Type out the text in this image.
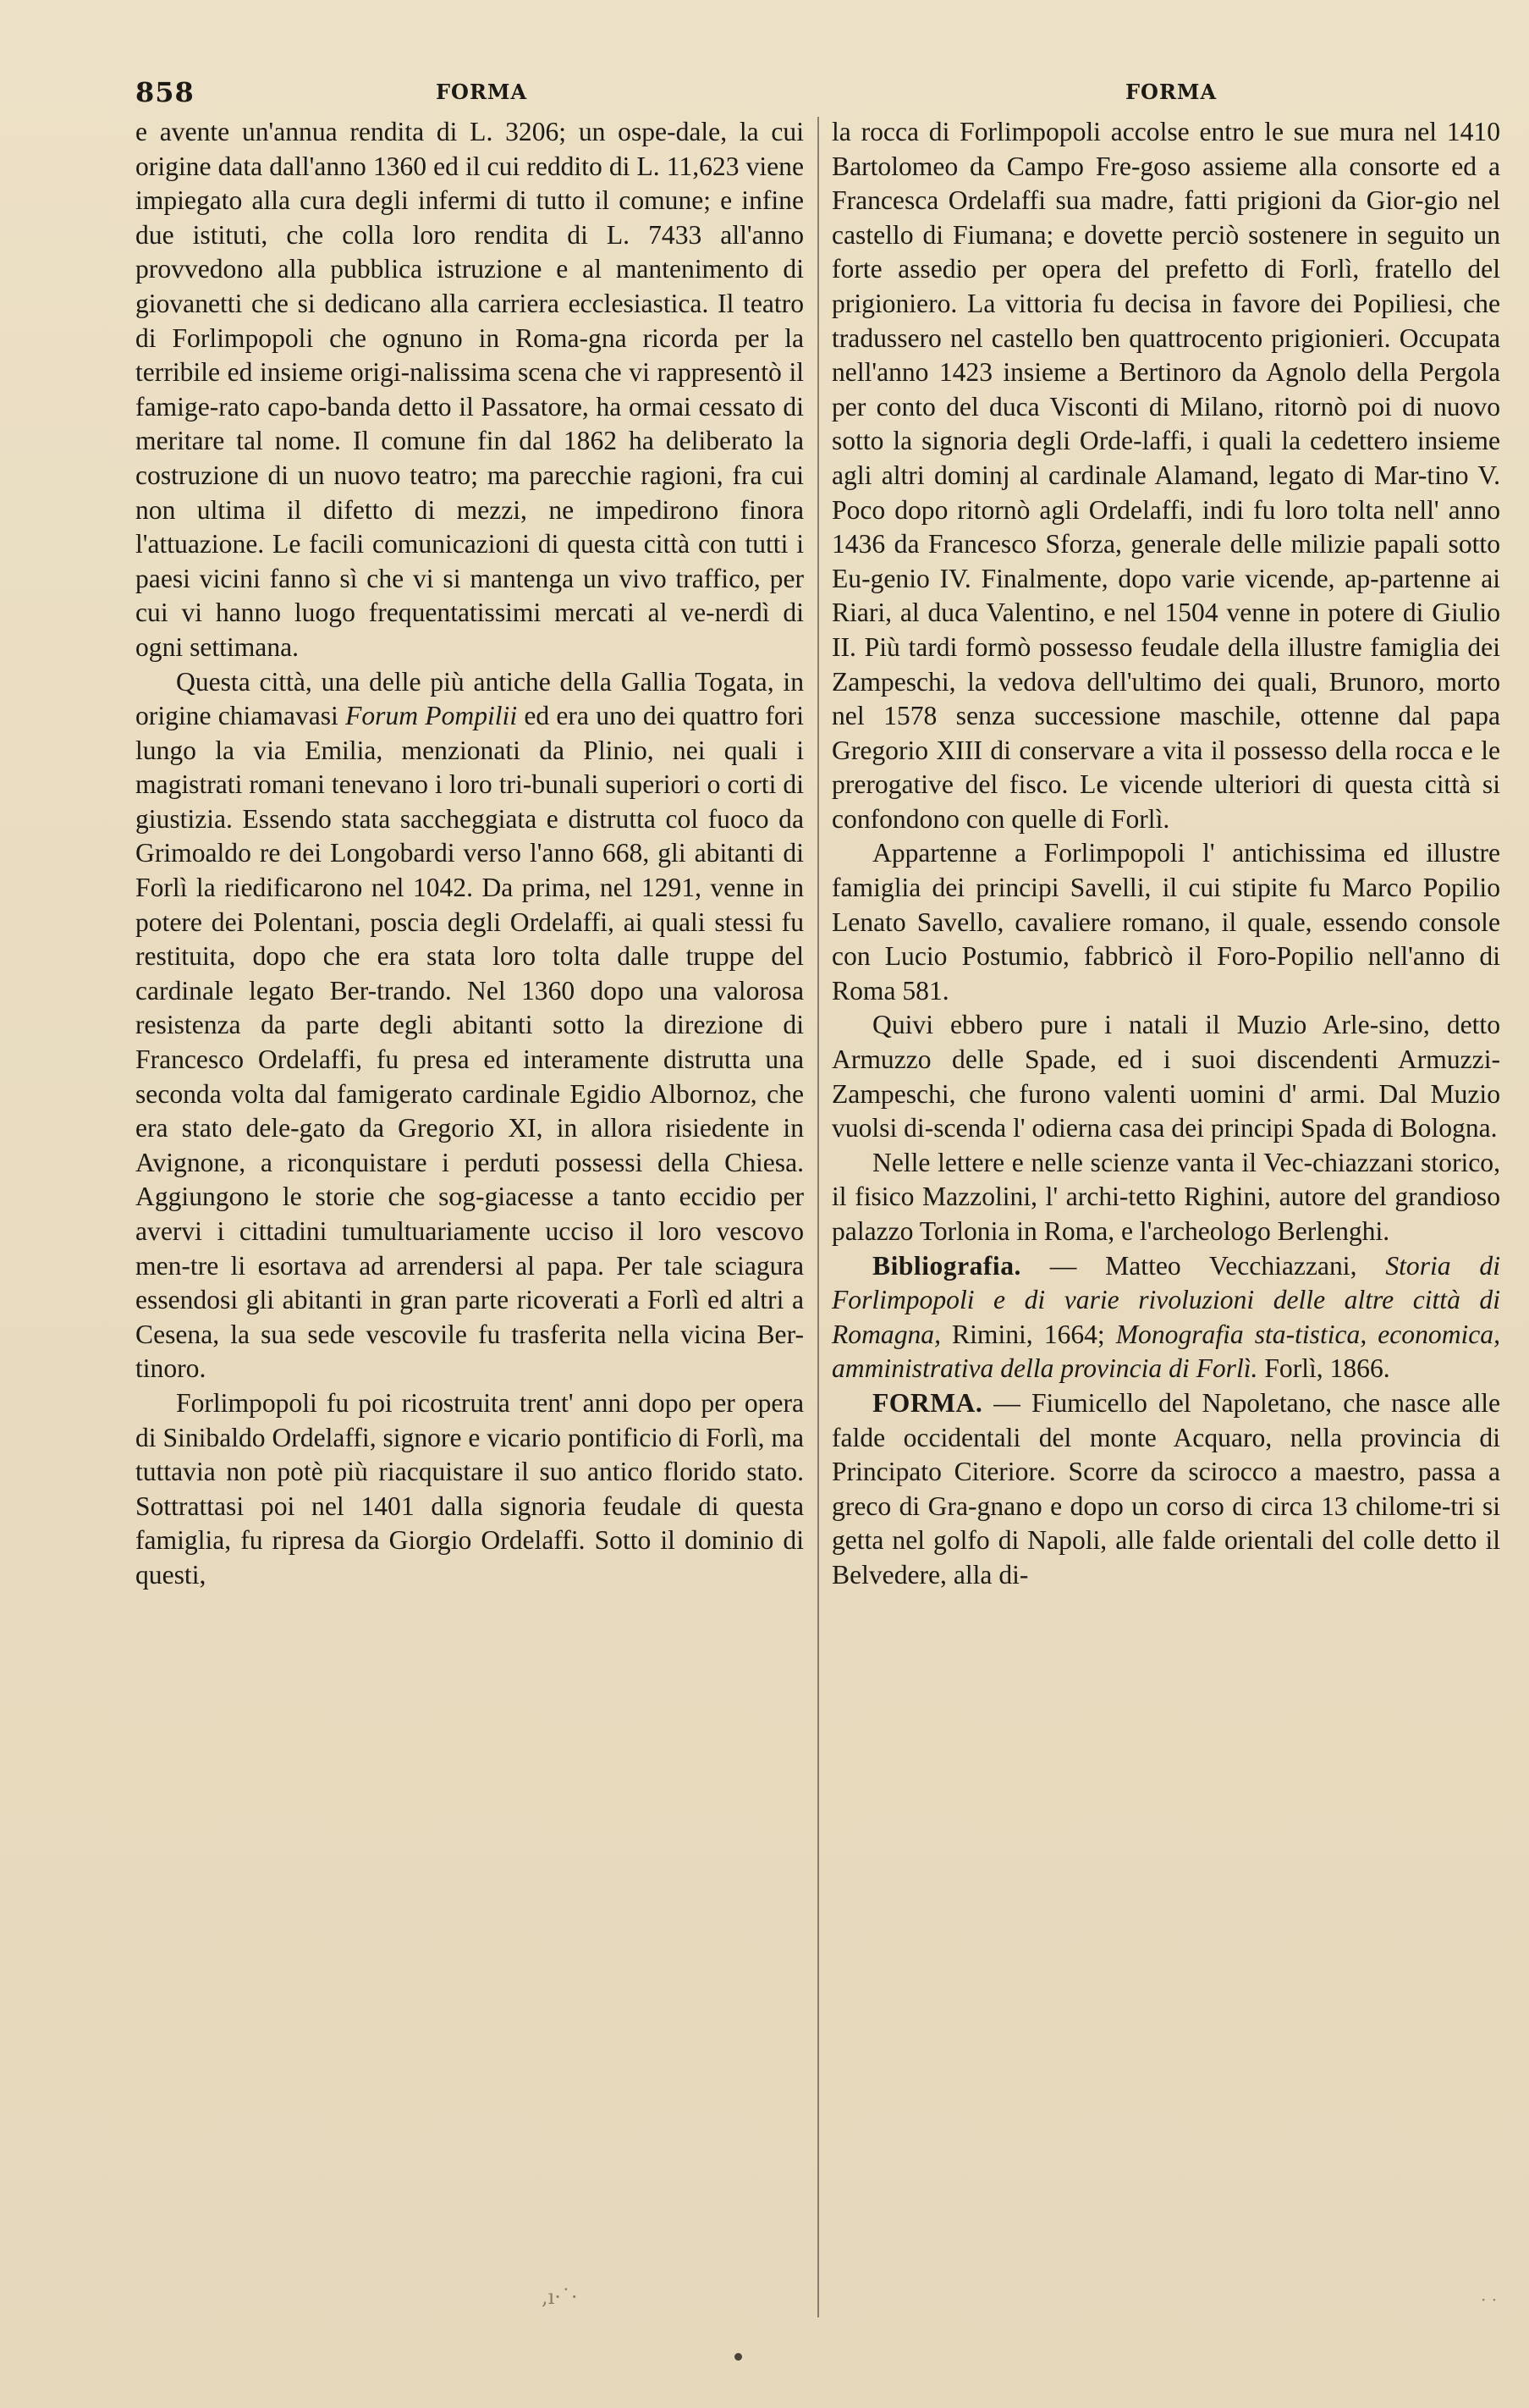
858	FORMA	FORMA

e avente un'annua rendita di L. 3206; un ospe-dale, la cui origine data dall'anno 1360 ed il cui reddito di L. 11,623 viene impiegato alla cura degli infermi di tutto il comune; e infine due istituti, che colla loro rendita di L. 7433 all'anno provvedono alla pubblica istruzione e al mantenimento di giovanetti che si dedicano alla carriera ecclesiastica. Il teatro di Forlimpopoli che ognuno in Roma-gna ricorda per la terribile ed insieme origi-nalissima scena che vi rappresentò il famige-rato capo-banda detto il Passatore, ha ormai cessato di meritare tal nome. Il comune fin dal 1862 ha deliberato la costruzione di un nuovo teatro; ma parecchie ragioni, fra cui non ultima il difetto di mezzi, ne impedirono finora l'attuazione. Le facili comunicazioni di questa città con tutti i paesi vicini fanno sì che vi si mantenga un vivo traffico, per cui vi hanno luogo frequentatissimi mercati al ve-nerdì di ogni settimana.

Questa città, una delle più antiche della Gallia Togata, in origine chiamavasi Forum Pompilii ed era uno dei quattro fori lungo la via Emilia, menzionati da Plinio, nei quali i magistrati romani tenevano i loro tri-bunali superiori o corti di giustizia. Essendo stata saccheggiata e distrutta col fuoco da Grimoaldo re dei Longobardi verso l'anno 668, gli abitanti di Forlì la riedificarono nel 1042. Da prima, nel 1291, venne in potere dei Polentani, poscia degli Ordelaffi, ai quali stessi fu restituita, dopo che era stata loro tolta dalle truppe del cardinale legato Ber-trando. Nel 1360 dopo una valorosa resistenza da parte degli abitanti sotto la direzione di Francesco Ordelaffi, fu presa ed interamente distrutta una seconda volta dal famigerato cardinale Egidio Albornoz, che era stato dele-gato da Gregorio XI, in allora risiedente in Avignone, a riconquistare i perduti possessi della Chiesa. Aggiungono le storie che sog-giacesse a tanto eccidio per avervi i cittadini tumultuariamente ucciso il loro vescovo men-tre li esortava ad arrendersi al papa. Per tale sciagura essendosi gli abitanti in gran parte ricoverati a Forlì ed altri a Cesena, la sua sede vescovile fu trasferita nella vicina Ber-tinoro.

Forlimpopoli fu poi ricostruita trent' anni dopo per opera di Sinibaldo Ordelaffi, signore e vicario pontificio di Forlì, ma tuttavia non potè più riacquistare il suo antico florido stato. Sottrattasi poi nel 1401 dalla signoria feudale di questa famiglia, fu ripresa da Giorgio Ordelaffi. Sotto il dominio di questi,

la rocca di Forlimpopoli accolse entro le sue mura nel 1410 Bartolomeo da Campo Fre-goso assieme alla consorte ed a Francesca Ordelaffi sua madre, fatti prigioni da Gior-gio nel castello di Fiumana; e dovette perciò sostenere in seguito un forte assedio per opera del prefetto di Forlì, fratello del prigioniero. La vittoria fu decisa in favore dei Popiliesi, che tradussero nel castello ben quattrocento prigionieri. Occupata nell'anno 1423 insieme a Bertinoro da Agnolo della Pergola per conto del duca Visconti di Milano, ritornò poi di nuovo sotto la signoria degli Orde-laffi, i quali la cedettero insieme agli altri dominj al cardinale Alamand, legato di Mar-tino V. Poco dopo ritornò agli Ordelaffi, indi fu loro tolta nell' anno 1436 da Francesco Sforza, generale delle milizie papali sotto Eu-genio IV. Finalmente, dopo varie vicende, ap-partenne ai Riari, al duca Valentino, e nel 1504 venne in potere di Giulio II. Più tardi formò possesso feudale della illustre famiglia dei Zampeschi, la vedova dell'ultimo dei quali, Brunoro, morto nel 1578 senza successione maschile, ottenne dal papa Gregorio XIII di conservare a vita il possesso della rocca e le prerogative del fisco. Le vicende ulteriori di questa città si confondono con quelle di Forlì.

Appartenne a Forlimpopoli l' antichissima ed illustre famiglia dei principi Savelli, il cui stipite fu Marco Popilio Lenato Savello, cavaliere romano, il quale, essendo console con Lucio Postumio, fabbricò il Foro-Popilio nell'anno di Roma 581.

Quivi ebbero pure i natali il Muzio Arle-sino, detto Armuzzo delle Spade, ed i suoi discendenti Armuzzi-Zampeschi, che furono valenti uomini d' armi. Dal Muzio vuolsi di-scenda l' odierna casa dei principi Spada di Bologna.

Nelle lettere e nelle scienze vanta il Vec-chiazzani storico, il fisico Mazzolini, l' archi-tetto Righini, autore del grandioso palazzo Torlonia in Roma, e l'archeologo Berlenghi.

Bibliografia. — Matteo Vecchiazzani, Storia di Forlimpopoli e di varie rivoluzioni delle altre città di Romagna, Rimini, 1664; Monografia sta-tistica, economica, amministrativa della provincia di Forlì. Forlì, 1866.

FORMA. — Fiumicello del Napoletano, che nasce alle falde occidentali del monte Acquaro, nella provincia di Principato Citeriore. Scorre da scirocco a maestro, passa a greco di Gra-gnano e dopo un corso di circa 13 chilome-tri si getta nel golfo di Napoli, alle falde orientali del colle detto il Belvedere, alla di-

,ı·˙·	· ·
